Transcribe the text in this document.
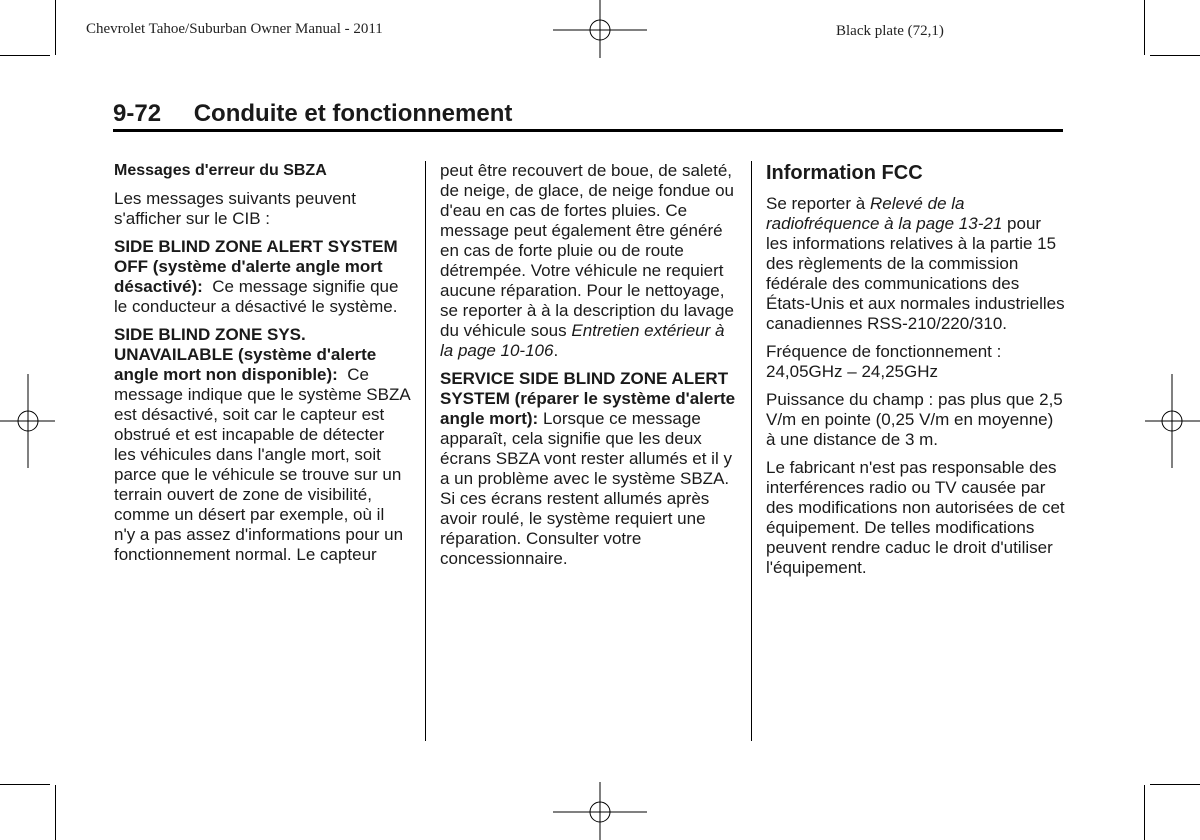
Chevrolet Tahoe/Suburban Owner Manual - 2011	Black plate (72,1)
9-72 Conduite et fonctionnement

Messages d'erreur du SBZA

Les messages suivants peuvent s'afficher sur le CIB :

SIDE BLIND ZONE ALERT SYSTEM OFF (système d'alerte angle mort désactivé): Ce message signifie que le conducteur a désactivé le système.

SIDE BLIND ZONE SYS. UNAVAILABLE (système d'alerte angle mort non disponible): Ce message indique que le système SBZA est désactivé, soit car le capteur est obstrué et est incapable de détecter les véhicules dans l'angle mort, soit parce que le véhicule se trouve sur un terrain ouvert de zone de visibilité, comme un désert par exemple, où il n'y a pas assez d'informations pour un fonctionnement normal. Le capteur

peut être recouvert de boue, de saleté, de neige, de glace, de neige fondue ou d'eau en cas de fortes pluies. Ce message peut également être généré en cas de forte pluie ou de route détrempée. Votre véhicule ne requiert aucune réparation. Pour le nettoyage, se reporter à à la description du lavage du véhicule sous Entretien extérieur à la page 10-106.

SERVICE SIDE BLIND ZONE ALERT SYSTEM (réparer le système d'alerte angle mort): Lorsque ce message apparaît, cela signifie que les deux écrans SBZA vont rester allumés et il y a un problème avec le système SBZA. Si ces écrans restent allumés après avoir roulé, le système requiert une réparation. Consulter votre concessionnaire.

Information FCC

Se reporter à Relevé de la radiofréquence à la page 13-21 pour les informations relatives à la partie 15 des règlements de la commission fédérale des communications des États-Unis et aux normales industrielles canadiennes RSS-210/220/310.

Fréquence de fonctionnement : 24,05GHz – 24,25GHz

Puissance du champ : pas plus que 2,5 V/m en pointe (0,25 V/m en moyenne) à une distance de 3 m.

Le fabricant n'est pas responsable des interférences radio ou TV causée par des modifications non autorisées de cet équipement. De telles modifications peuvent rendre caduc le droit d'utiliser l'équipement.
